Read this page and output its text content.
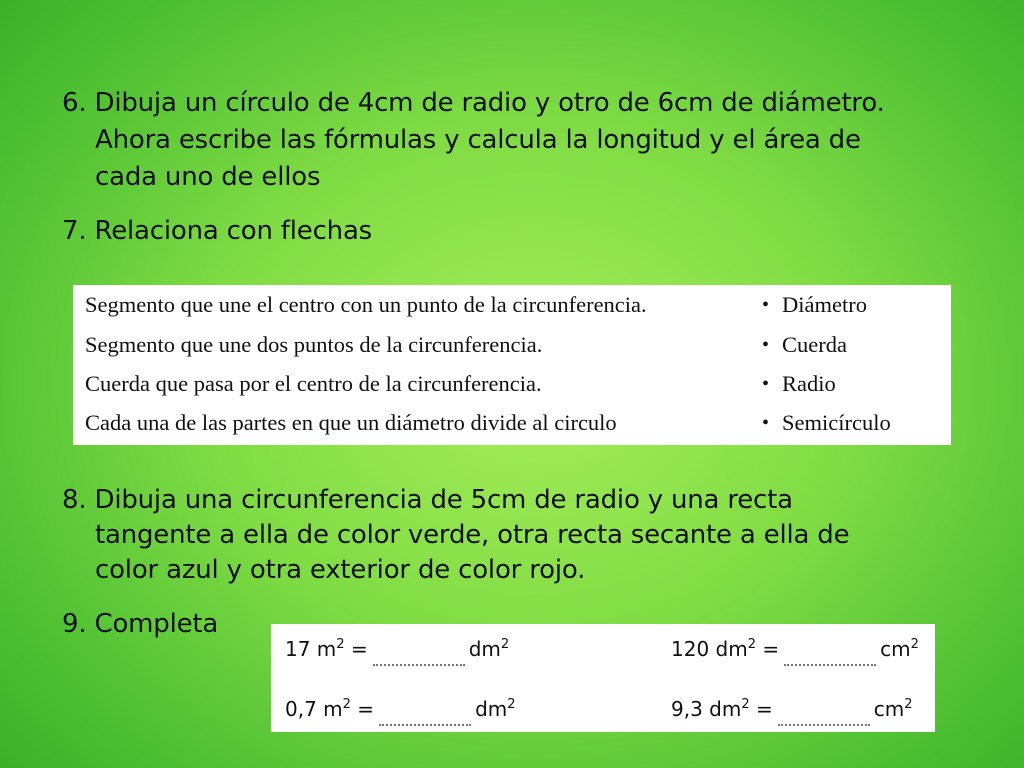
6. Dibuja un círculo de 4cm de radio y otro de 6cm de diámetro.
Ahora escribe las fórmulas y calcula la longitud y el área de
cada uno de ellos
7. Relaciona con flechas
Segmento que une el centro con un punto de la circunferencia.	• Diámetro
Segmento que une dos puntos de la circunferencia.	• Cuerda
Cuerda que pasa por el centro de la circunferencia.	• Radio
Cada una de las partes en que un diámetro divide al circulo	• Semicírculo
8. Dibuja una circunferencia de 5cm de radio y una recta
tangente a ella de color verde, otra recta secante a ella de
color azul y otra exterior de color rojo.
9. Completa
17 $m^2$ =	$dm^2$	120 $dm^2$ =	$cm^2$
0,7 $m^2$ =	$dm^2$	9,3 $dm^2$ =	$cm^2$
